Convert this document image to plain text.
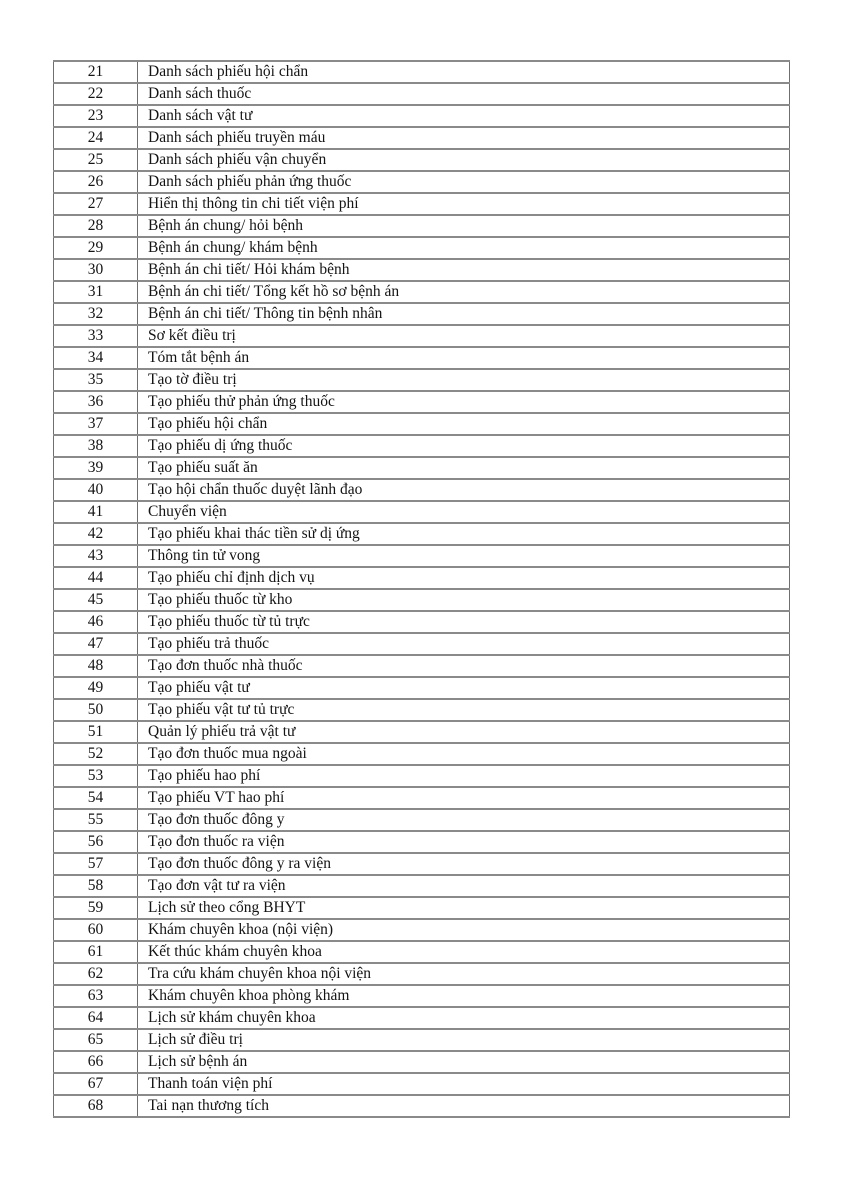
21	Danh sách phiếu hội chẩn
22	Danh sách thuốc
23	Danh sách vật tư
24	Danh sách phiếu truyền máu
25	Danh sách phiếu vận chuyển
26	Danh sách phiếu phản ứng thuốc
27	Hiển thị thông tin chi tiết viện phí
28	Bệnh án chung/ hỏi bệnh
29	Bệnh án chung/ khám bệnh
30	Bệnh án chi tiết/ Hỏi khám bệnh
31	Bệnh án chi tiết/ Tổng kết hồ sơ bệnh án
32	Bệnh án chi tiết/ Thông tin bệnh nhân
33	Sơ kết điều trị
34	Tóm tắt bệnh án
35	Tạo tờ điều trị
36	Tạo phiếu thử phản ứng thuốc
37	Tạo phiếu hội chẩn
38	Tạo phiếu dị ứng thuốc
39	Tạo phiếu suất ăn
40	Tạo hội chẩn thuốc duyệt lãnh đạo
41	Chuyển viện
42	Tạo phiếu khai thác tiền sử dị ứng
43	Thông tin tử vong
44	Tạo phiếu chỉ định dịch vụ
45	Tạo phiếu thuốc từ kho
46	Tạo phiếu thuốc từ tủ trực
47	Tạo phiếu trả thuốc
48	Tạo đơn thuốc nhà thuốc
49	Tạo phiếu vật tư
50	Tạo phiếu vật tư tủ trực
51	Quản lý phiếu trả vật tư
52	Tạo đơn thuốc mua ngoài
53	Tạo phiếu hao phí
54	Tạo phiếu VT hao phí
55	Tạo đơn thuốc đông y
56	Tạo đơn thuốc ra viện
57	Tạo đơn thuốc đông y ra viện
58	Tạo đơn vật tư ra viện
59	Lịch sử theo cổng BHYT
60	Khám chuyên khoa (nội viện)
61	Kết thúc khám chuyên khoa
62	Tra cứu khám chuyên khoa nội viện
63	Khám chuyên khoa phòng khám
64	Lịch sử khám chuyên khoa
65	Lịch sử điều trị
66	Lịch sử bệnh án
67	Thanh toán viện phí
68	Tai nạn thương tích
